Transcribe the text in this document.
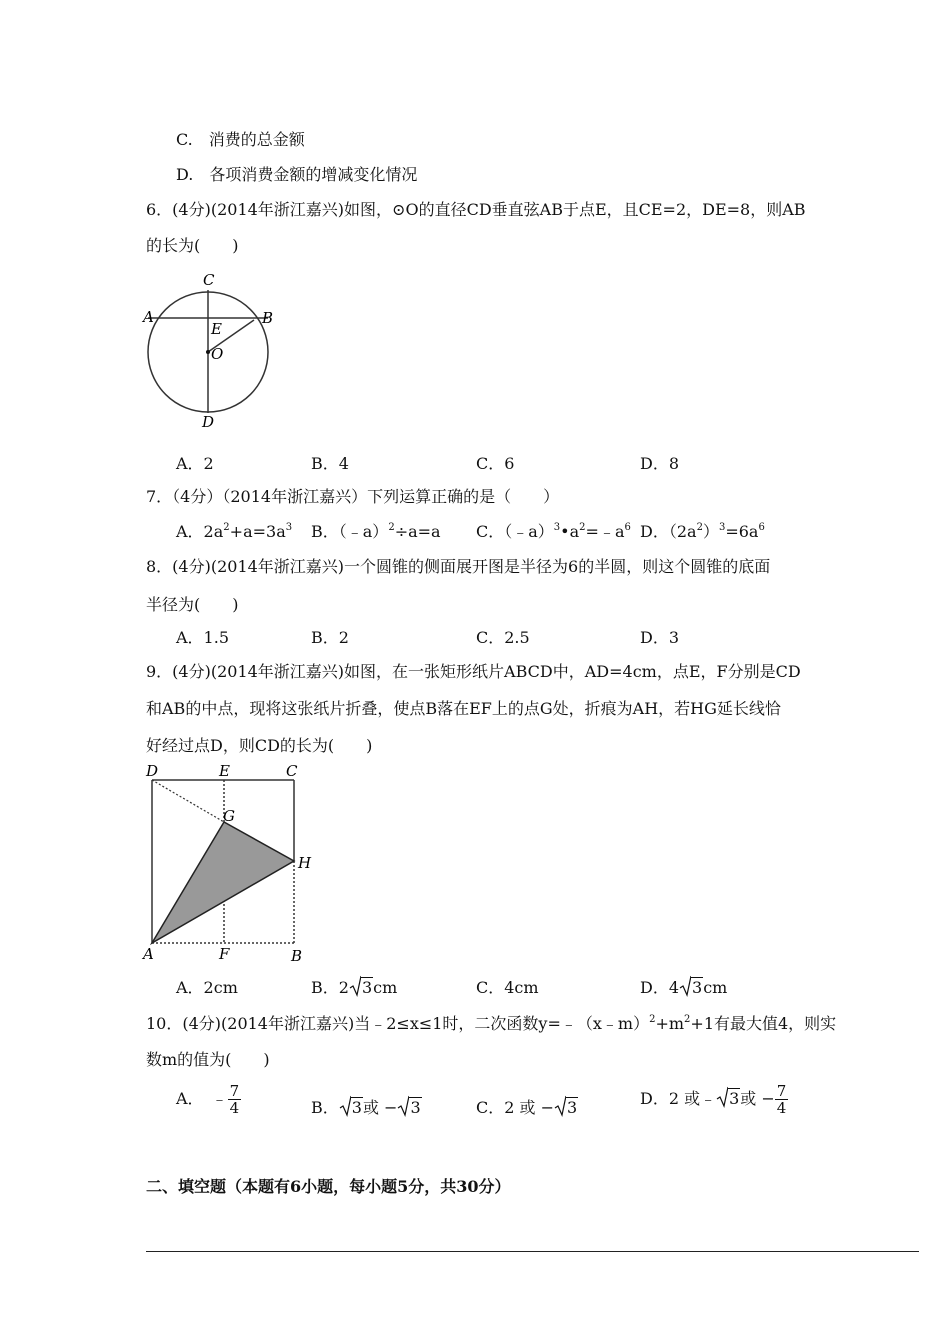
C.　消费的总金额
D.　各项消费金额的增减变化情况
6．(4分)(2014年浙江嘉兴)如图，⊙O的直径CD垂直弦AB于点E，且CE=2，DE=8，则AB
的长为(　　)
C
A	B
E
O
D
A．2	B．4	C．6	D．8
7．（4分）（2014年浙江嘉兴）下列运算正确的是（　　）
A．$2a^2+a=3a^3$ B．（﹣a）$^2$÷a=a C．$(﹣a)^3•a^2=﹣a^6$ D．$(2a^2)^3=6a^6$
8．(4分)(2014年浙江嘉兴)一个圆锥的侧面展开图是半径为6的半圆，则这个圆锥的底面
半径为(　　)
A．1.5	B．2	C．2.5	D．3
9．(4分)(2014年浙江嘉兴)如图，在一张矩形纸片ABCD中，AD=4cm，点E，F分别是CD
和AB的中点，现将这张纸片折叠，使点B落在EF上的点G处，折痕为AH，若HG延长线恰
好经过点D，则CD的长为(　　)
D	E	C
G
H
A	F	B
A．2cm	B．2 3cm	C．4cm	D．4 3cm
10．(4分)(2014年浙江嘉兴)当﹣2≤x≤1时，二次函数$y=﹣(x﹣m)^2+m^2+1$有最大值4，则实
数m的值为(　　)
A．　﹣ $\frac{7}{4}$	B． 3或 − 3	C．2 或 − 3	D．2 或﹣ 3或 − $\frac{7}{4}$
二、填空题（本题有6小题，每小题5分，共30分）
